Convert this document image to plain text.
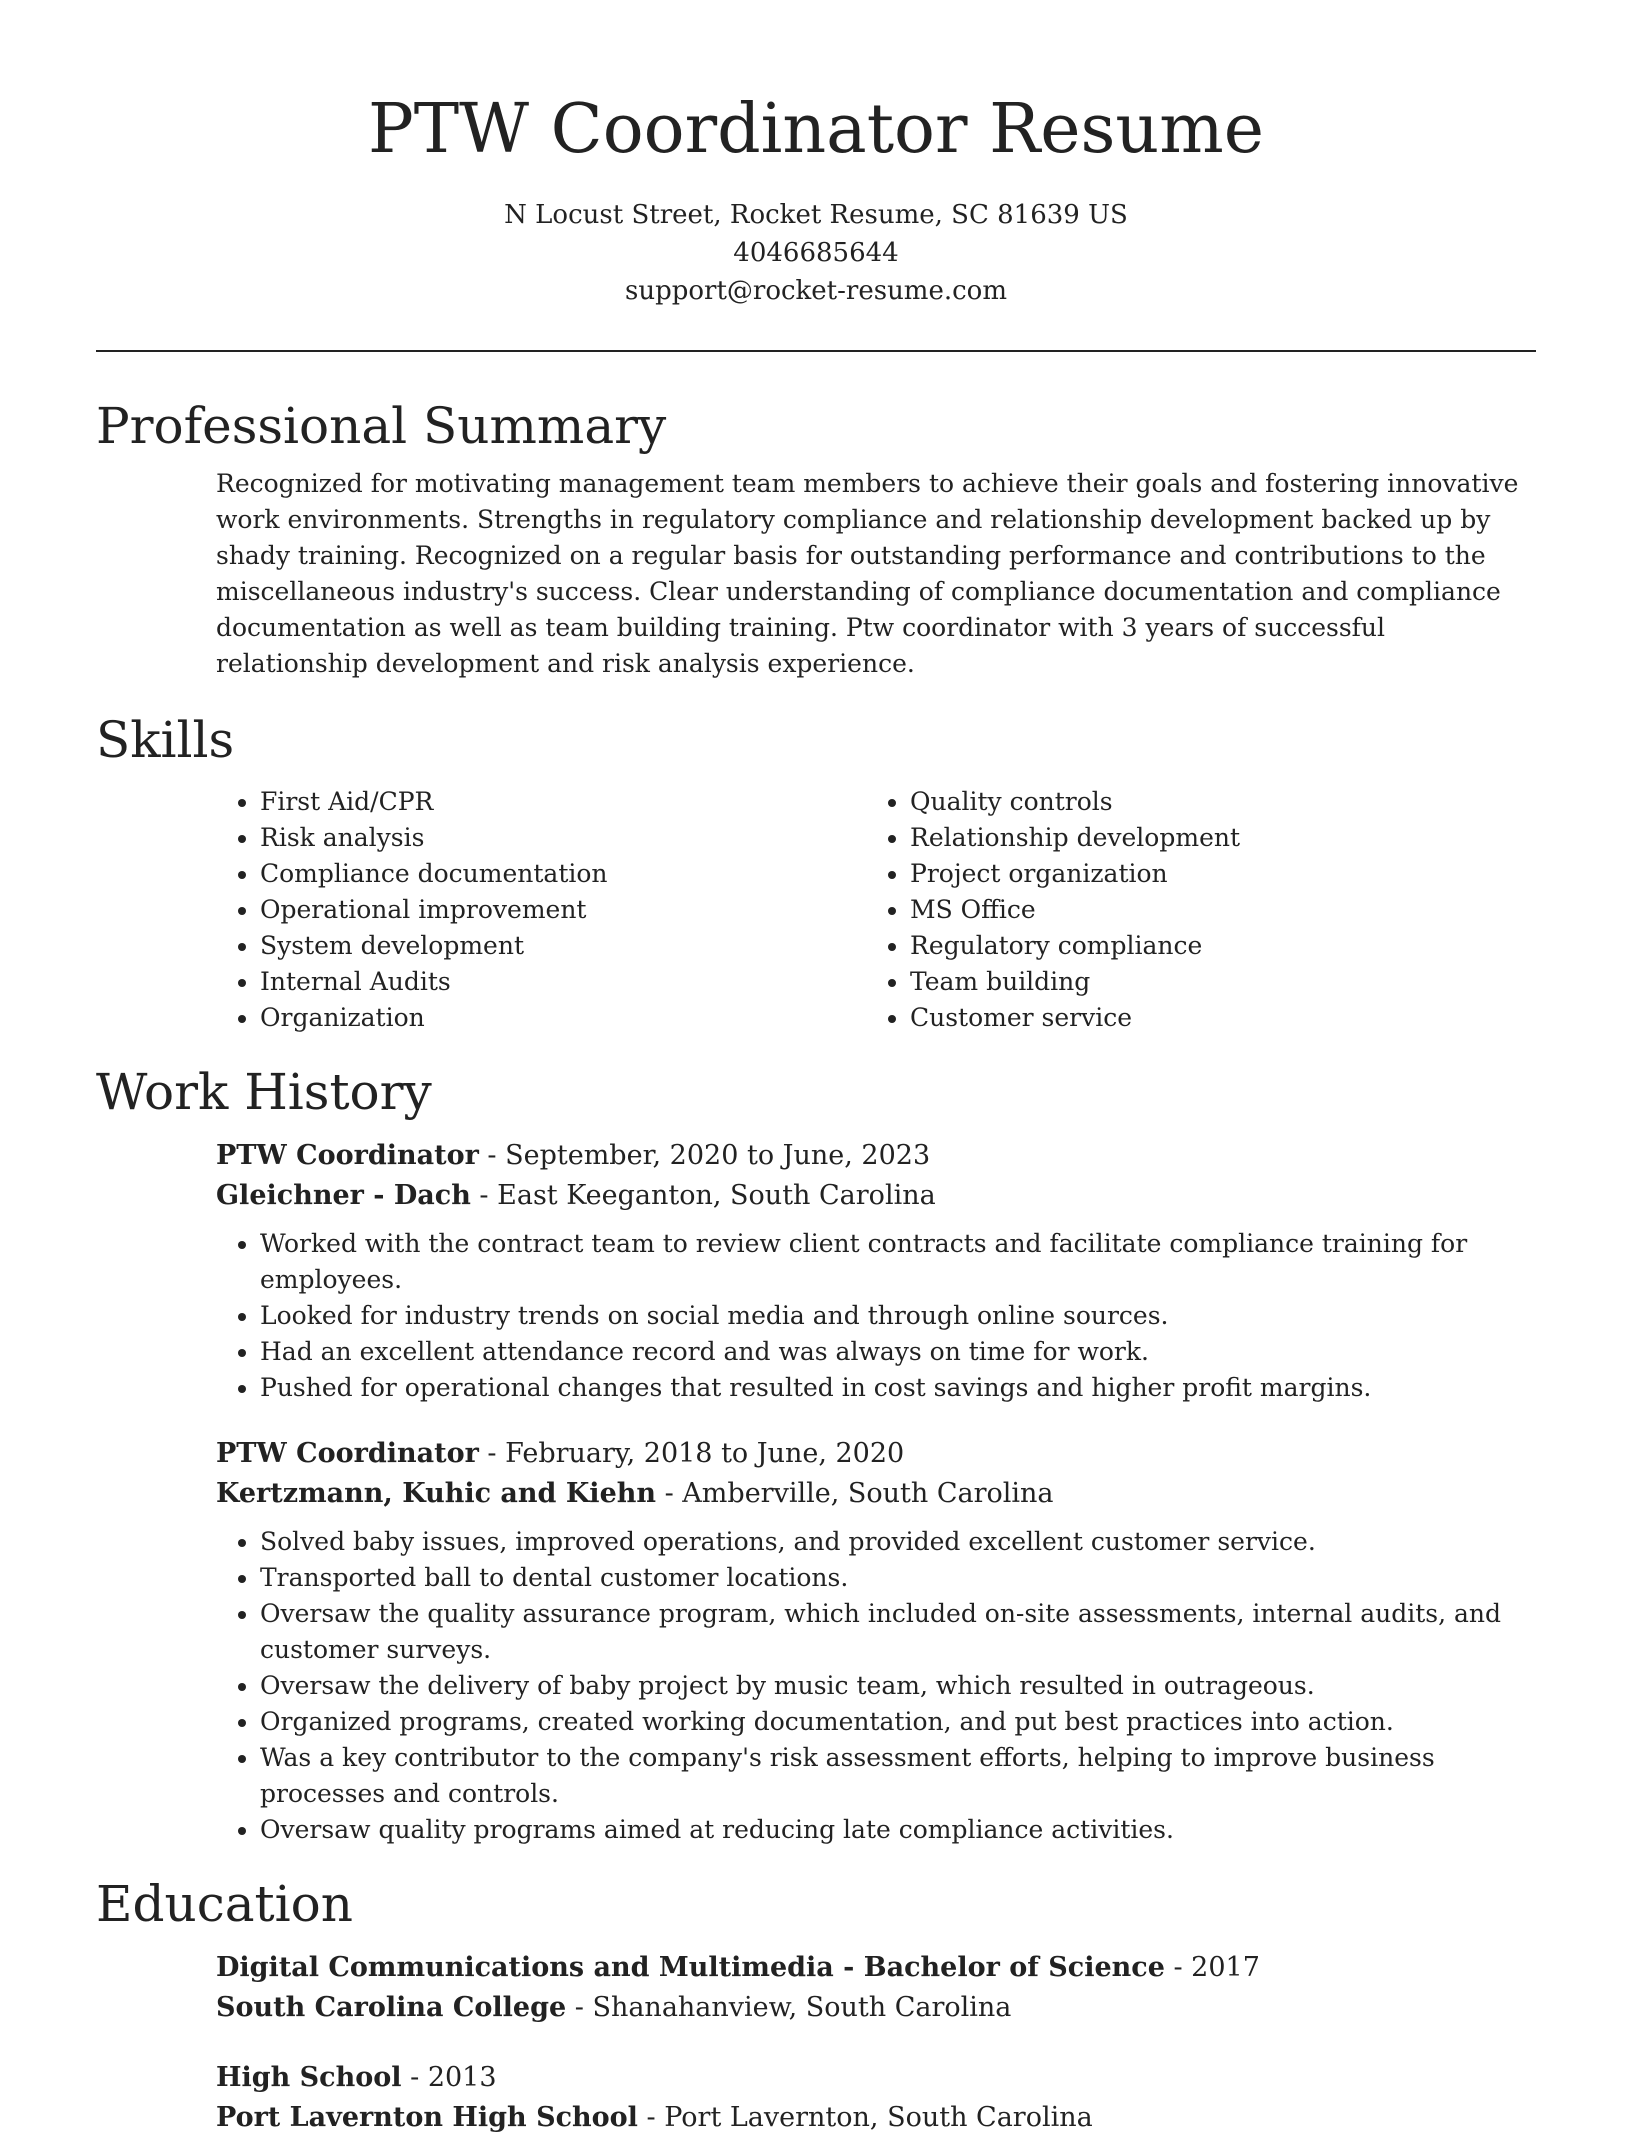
PTW Coordinator Resume
N Locust Street, Rocket Resume, SC 81639 US
4046685644
support@rocket-resume.com
Professional Summary

Recognized for motivating management team members to achieve their goals and fostering innovative work environments. Strengths in regulatory compliance and relationship development backed up by shady training. Recognized on a regular basis for outstanding performance and contributions to the miscellaneous industry's success. Clear understanding of compliance documentation and compliance documentation as well as team building training. Ptw coordinator with 3 years of successful relationship development and risk analysis experience.

Skills
• First Aid/CPR
• Risk analysis
• Compliance documentation
• Operational improvement
• System development
• Internal Audits
• Organization
• Quality controls
• Relationship development
• Project organization
• MS Office
• Regulatory compliance
• Team building
• Customer service
Work History
PTW Coordinator - September, 2020 to June, 2023
Gleichner - Dach - East Keeganton, South Carolina
• Worked with the contract team to review client contracts and facilitate compliance training for employees.
• Looked for industry trends on social media and through online sources.
• Had an excellent attendance record and was always on time for work.
• Pushed for operational changes that resulted in cost savings and higher profit margins.
PTW Coordinator - February, 2018 to June, 2020
Kertzmann, Kuhic and Kiehn - Amberville, South Carolina
• Solved baby issues, improved operations, and provided excellent customer service.
• Transported ball to dental customer locations.
• Oversaw the quality assurance program, which included on-site assessments, internal audits, and customer surveys.
• Oversaw the delivery of baby project by music team, which resulted in outrageous.
• Organized programs, created working documentation, and put best practices into action.
• Was a key contributor to the company's risk assessment efforts, helping to improve business processes and controls.
• Oversaw quality programs aimed at reducing late compliance activities.
Education
Digital Communications and Multimedia - Bachelor of Science - 2017
South Carolina College - Shanahanview, South Carolina
High School - 2013
Port Lavernton High School - Port Lavernton, South Carolina
